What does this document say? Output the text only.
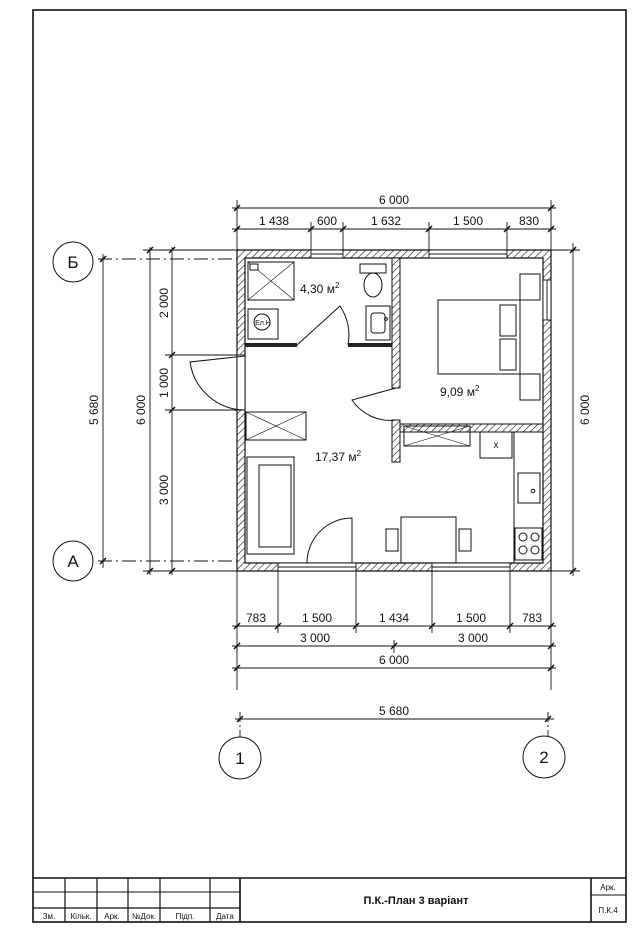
6 000
1 438 600	1 632	1 500	830
5 680	6 000
2 000
1 000
3 000
Б
А
6 000
783	1 500	1 434	1 500	783
3 000	3 000
6 000
5 680
1	2
Ел.Н
x
4,30 $м^2$
9,09 $м^2$
17,37 $м^2$
Зм. Кільк. Арк. №Док. Підп.	Дата
П.К.-План 3 варіант
Арк.
П.К.4
